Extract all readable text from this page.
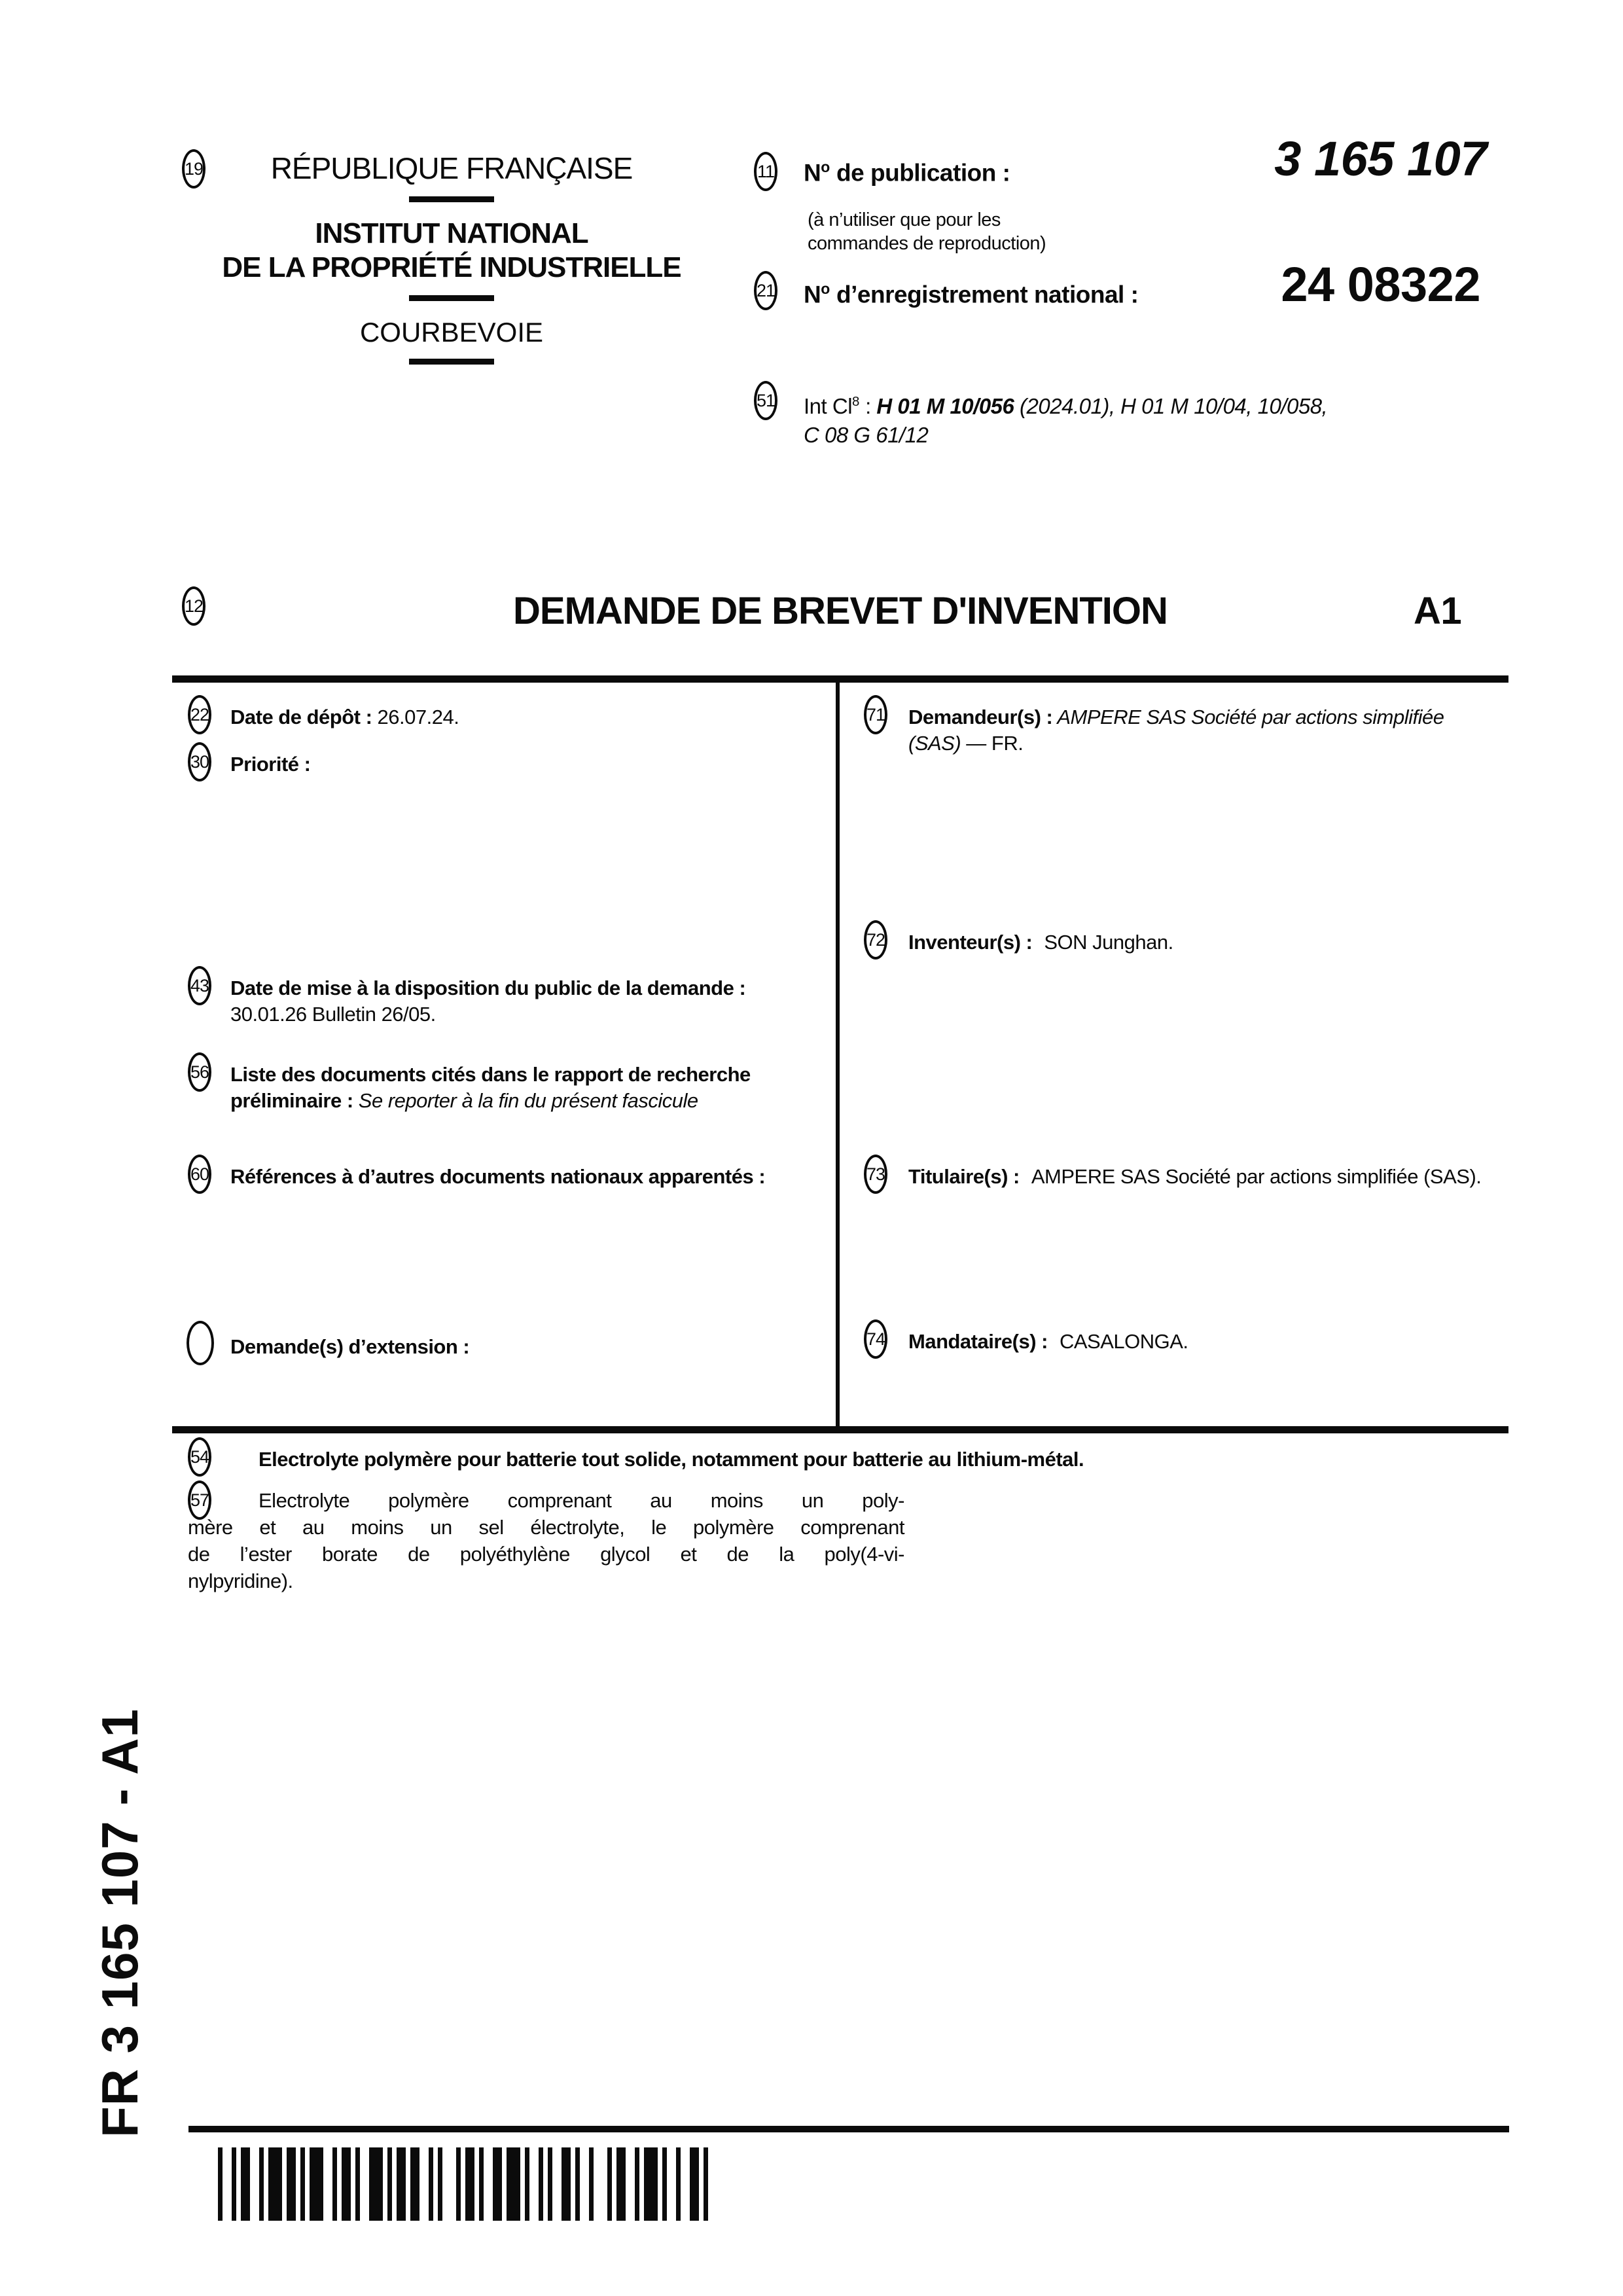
19	RÉPUBLIQUE FRANÇAISE
INSTITUT NATIONAL
DE LA PROPRIÉTÉ INDUSTRIELLE
COURBEVOIE
11 $N^o$ de publication :	3 165 107
(à n’utiliser que pour les
commandes de reproduction)
21 $N^o$ d’enregistrement national :	24 08322
51 Int Cl$^8$ : H 01 M 10/056 (2024.01), H 01 M 10/04, 10/058,
C 08 G 61/12
12	DEMANDE DE BREVET D'INVENTION	A1
22 Date de dépôt : 26.07.24.
30 Priorité :
43 Date de mise à la disposition du public de la demande : 30.01.26 Bulletin 26/05.
56 Liste des documents cités dans le rapport de recherche préliminaire : Se reporter à la fin du présent fascicule
60 Références à d’autres documents nationaux apparentés :
Demande(s) d’extension :
71 Demandeur(s) : AMPERE SAS Société par actions simplifiée (SAS) — FR.
72 Inventeur(s) : SON Junghan.
73 Titulaire(s) : AMPERE SAS Société par actions simplifiée (SAS).
74 Mandataire(s) : CASALONGA.
54 Electrolyte polymère pour batterie tout solide, notamment pour batterie au lithium-métal.
57	Electrolyte polymère comprenant au moins un poly-
mère et au moins un sel électrolyte, le polymère comprenant
de l’ester borate de polyéthylène glycol et de la poly(4-vi-
nylpyridine).
FR 3 165 107 - A1
